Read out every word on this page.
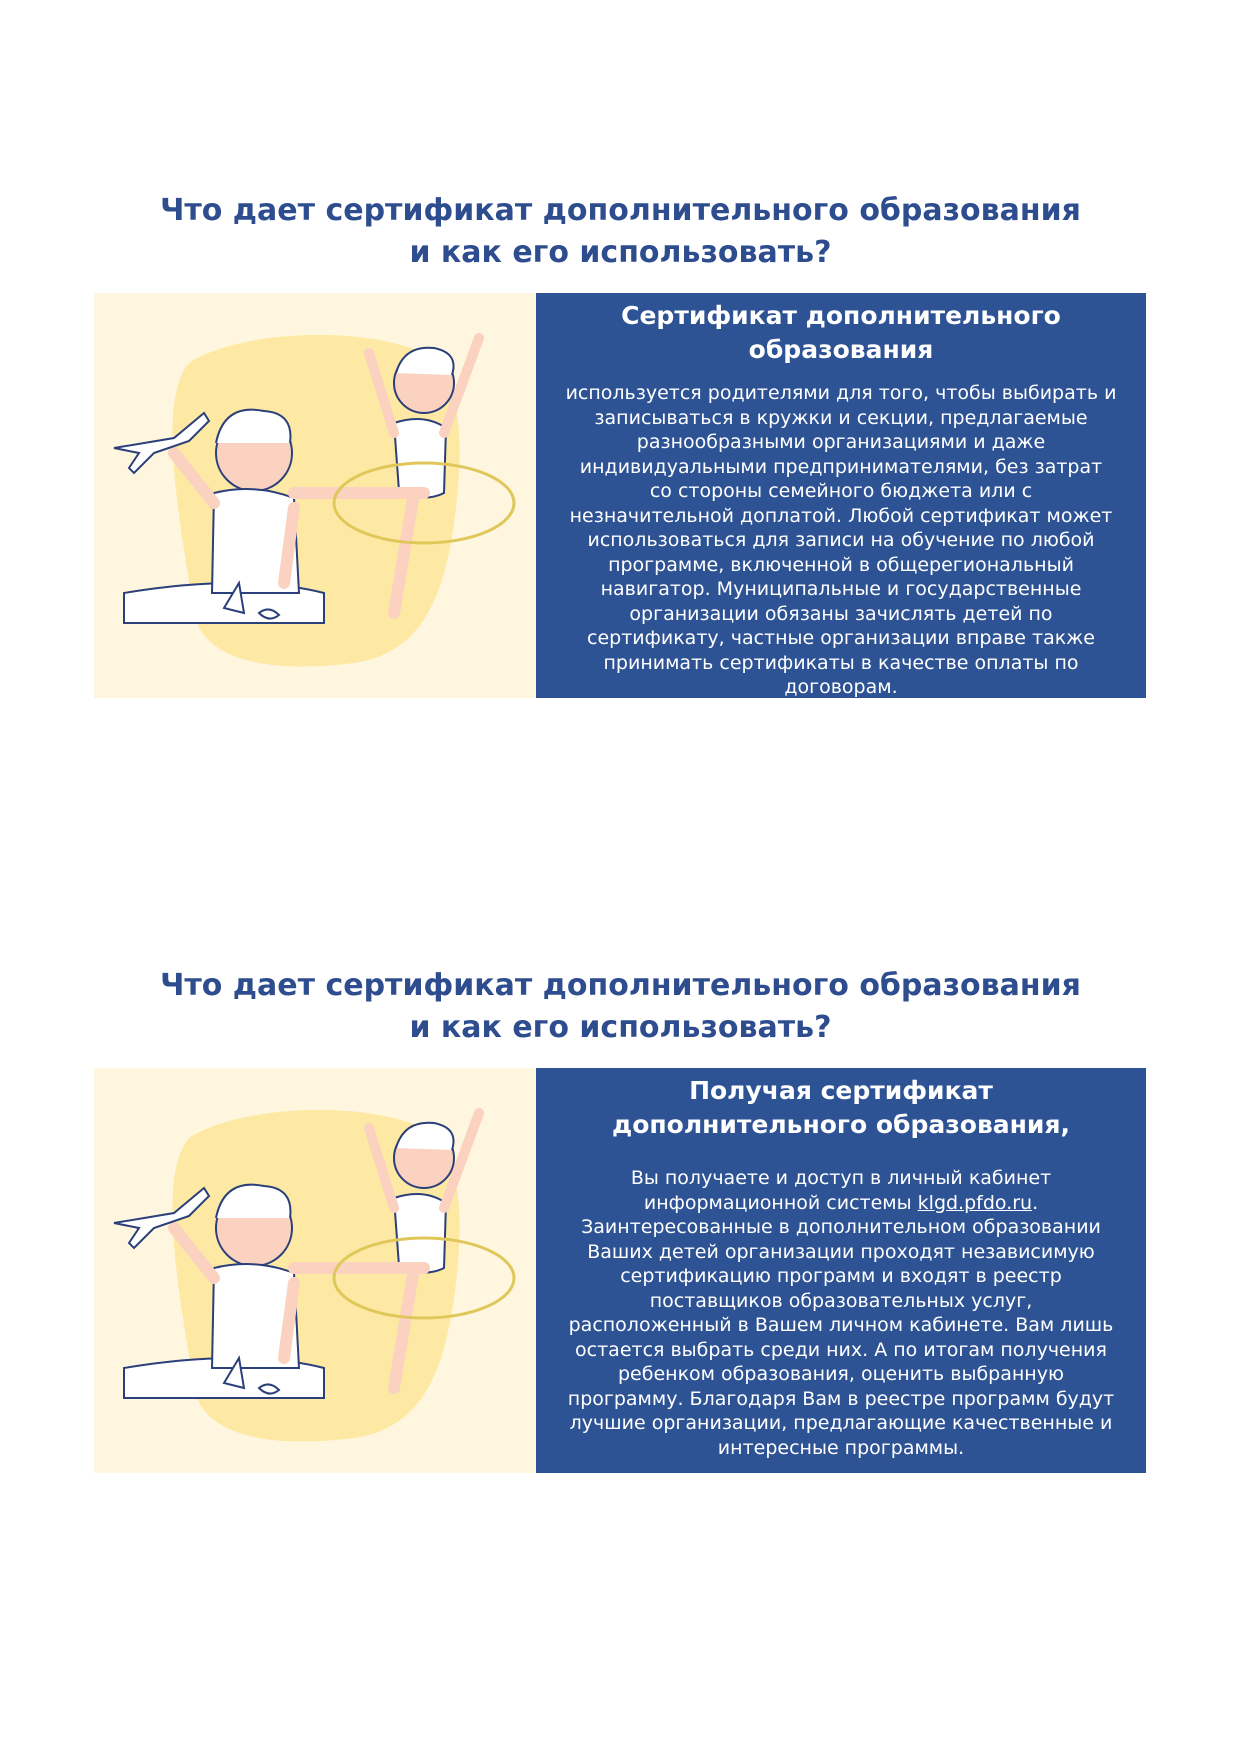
Что дает сертификат дополнительного образования
и как его использовать?
Сертификат дополнительного
образования

используется родителями для того, чтобы выбирать и
записываться в кружки и секции, предлагаемые
разнообразными организациями и даже
индивидуальными предпринимателями, без затрат
со стороны семейного бюджета или с
незначительной доплатой. Любой сертификат может
использоваться для записи на обучение по любой
программе, включенной в общерегиональный
навигатор. Муниципальные и государственные
организации обязаны зачислять детей по
сертификату, частные организации вправе также
принимать сертификаты в качестве оплаты по
договорам.

Что дает сертификат дополнительного образования
и как его использовать?
Получая сертификат
дополнительного образования,

Вы получаете и доступ в личный кабинет
информационной системы klgd.pfdo.ru.
Заинтересованные в дополнительном образовании
Ваших детей организации проходят независимую
сертификацию программ и входят в реестр
поставщиков образовательных услуг,
расположенный в Вашем личном кабинете. Вам лишь
остается выбрать среди них. А по итогам получения
ребенком образования, оценить выбранную
программу. Благодаря Вам в реестре программ будут
лучшие организации, предлагающие качественные и
интересные программы.
